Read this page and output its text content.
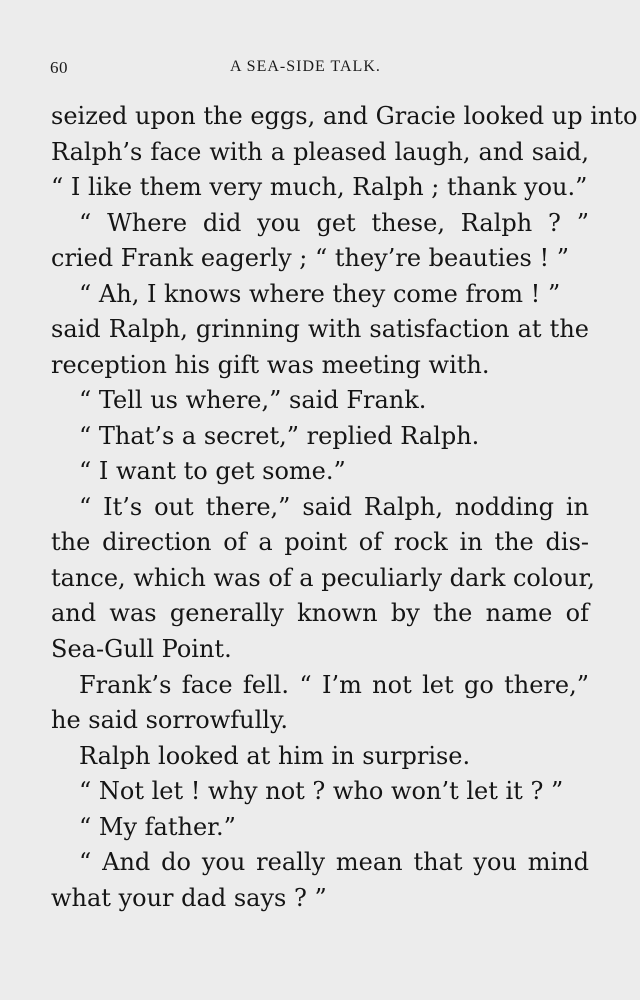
60	A SEA-SIDE TALK.
seized upon the eggs, and Gracie looked up into
Ralph’s face with a pleased laugh, and said,
“ I like them very much, Ralph ; thank you.”
“ Where did you get these, Ralph ? ”
cried Frank eagerly ; “ they’re beauties ! ”
“ Ah, I knows where they come from ! ”
said Ralph, grinning with satisfaction at the
reception his gift was meeting with.
“ Tell us where,” said Frank.
“ That’s a secret,” replied Ralph.
“ I want to get some.”
“ It’s out there,” said Ralph, nodding in
the direction of a point of rock in the dis-
tance, which was of a peculiarly dark colour,
and was generally known by the name of
Sea-Gull Point.
Frank’s face fell. “ I’m not let go there,”
he said sorrowfully.
Ralph looked at him in surprise.
“ Not let ! why not ? who won’t let it ? ”
“ My father.”
“ And do you really mean that you mind
what your dad says ? ”
